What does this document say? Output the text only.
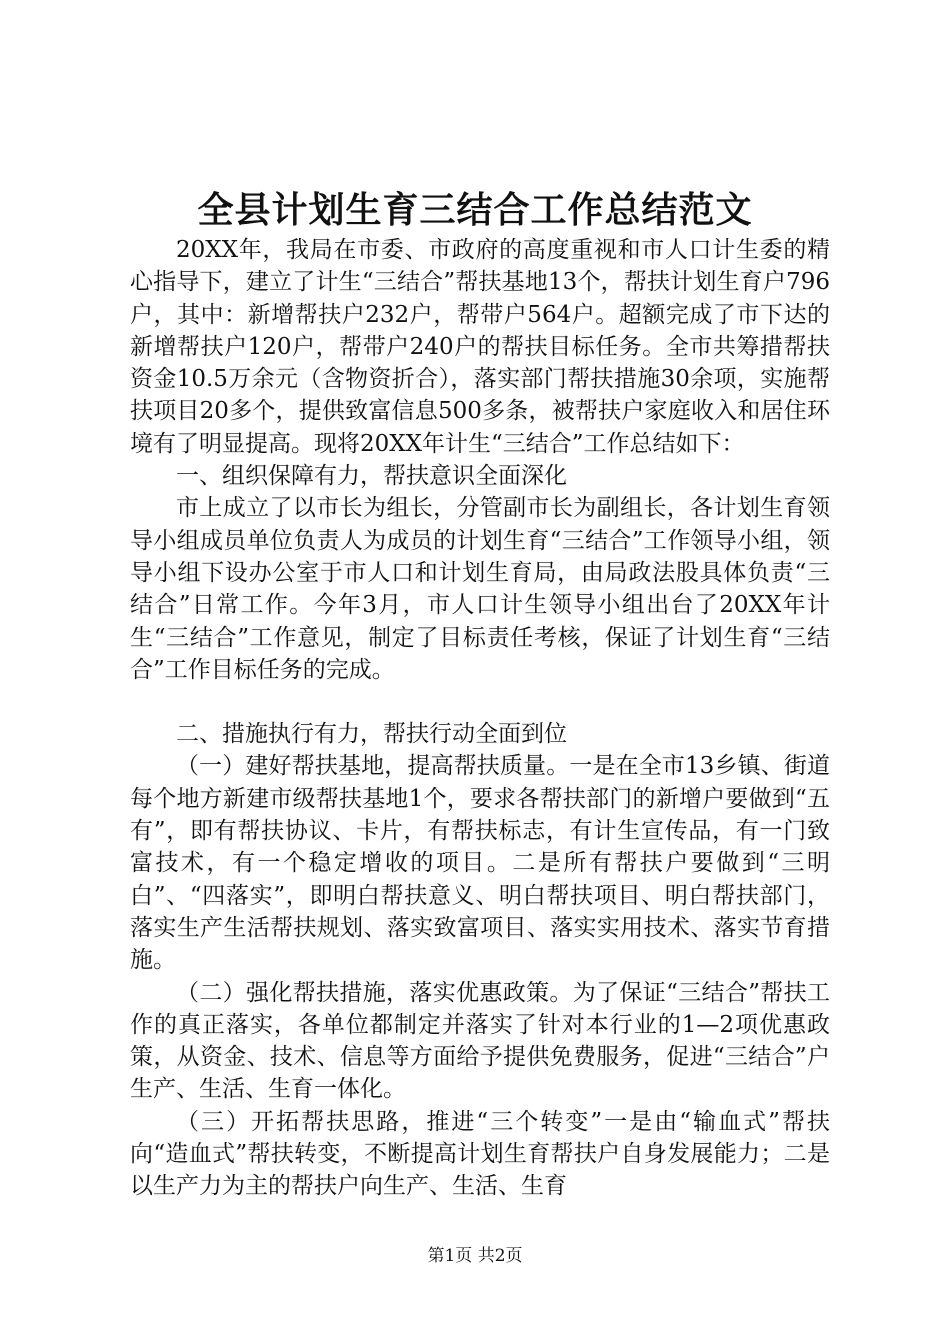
全县计划生育三结合工作总结范文

20XX年，我局在市委、市政府的高度重视和市人口计生委的精心指导下，建立了计生“三结合”帮扶基地13个，帮扶计划生育户796户，其中：新增帮扶户232户，帮带户564户。超额完成了市下达的新增帮扶户120户，帮带户240户的帮扶目标任务。全市共筹措帮扶资金10.5万余元（含物资折合），落实部门帮扶措施30余项，实施帮扶项目20多个，提供致富信息500多条，被帮扶户家庭收入和居住环境有了明显提高。现将20XX年计生“三结合”工作总结如下：

一、组织保障有力，帮扶意识全面深化

市上成立了以市长为组长，分管副市长为副组长，各计划生育领导小组成员单位负责人为成员的计划生育“三结合”工作领导小组，领导小组下设办公室于市人口和计划生育局，由局政法股具体负责“三结合”日常工作。今年3月，市人口计生领导小组出台了20XX年计生“三结合”工作意见，制定了目标责任考核，保证了计划生育“三结合”工作目标任务的完成。

二、措施执行有力，帮扶行动全面到位

（一）建好帮扶基地，提高帮扶质量。一是在全市13乡镇、街道每个地方新建市级帮扶基地1个，要求各帮扶部门的新增户要做到“五有”，即有帮扶协议、卡片，有帮扶标志，有计生宣传品，有一门致富技术，有一个稳定增收的项目。二是所有帮扶户要做到“三明白”、“四落实”，即明白帮扶意义、明白帮扶项目、明白帮扶部门，落实生产生活帮扶规划、落实致富项目、落实实用技术、落实节育措施。

（二）强化帮扶措施，落实优惠政策。为了保证“三结合”帮扶工作的真正落实，各单位都制定并落实了针对本行业的1—2项优惠政策，从资金、技术、信息等方面给予提供免费服务，促进“三结合”户生产、生活、生育一体化。

（三）开拓帮扶思路，推进“三个转变”一是由“输血式”帮扶向“造血式”帮扶转变，不断提高计划生育帮扶户自身发展能力；二是以生产力为主的帮扶户向生产、生活、生育

第1页 共2页
